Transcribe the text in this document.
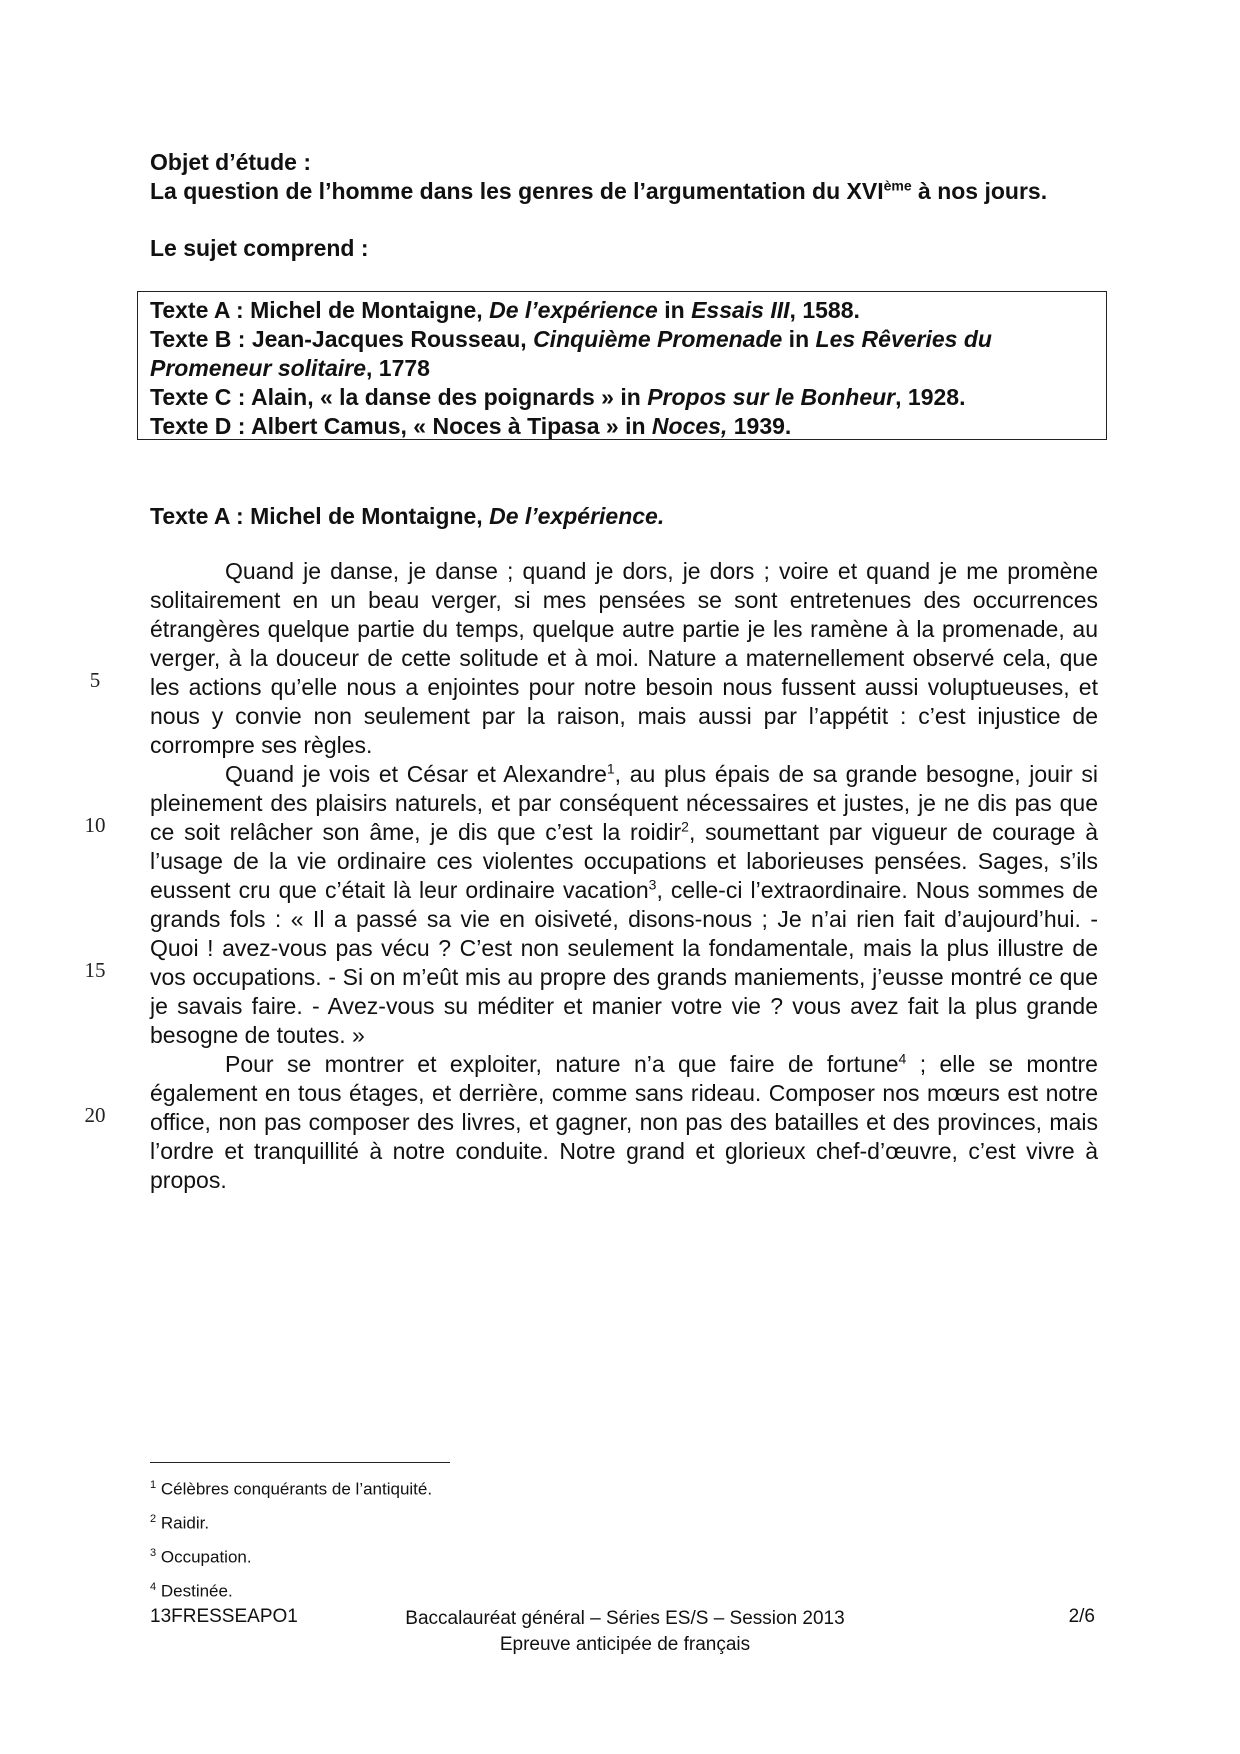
Objet d’étude :
La question de l’homme dans les genres de l’argumentation du XVIème à nos jours.
Le sujet comprend :
Texte A : Michel de Montaigne, De l’expérience in Essais III, 1588.
Texte B : Jean-Jacques Rousseau, Cinquième Promenade in Les Rêveries du Promeneur solitaire, 1778
Texte C : Alain, « la danse des poignards » in Propos sur le Bonheur, 1928.
Texte D : Albert Camus, « Noces à Tipasa » in Noces, 1939.
Texte A : Michel de Montaigne, De l’expérience.

Quand je danse, je danse ; quand je dors, je dors ; voire et quand je me promène solitairement en un beau verger, si mes pensées se sont entretenues des occurrences étrangères quelque partie du temps, quelque autre partie je les ramène à la promenade, au verger, à la douceur de cette solitude et à moi. Nature a maternellement observé cela, que les actions qu’elle nous a enjointes pour notre besoin nous fussent aussi voluptueuses, et nous y convie non seulement par la raison, mais aussi par l’appétit : c’est injustice de corrompre ses règles.

Quand je vois et César et Alexandre$^1$, au plus épais de sa grande besogne, jouir si pleinement des plaisirs naturels, et par conséquent nécessaires et justes, je ne dis pas que ce soit relâcher son âme, je dis que c’est la roidir$^2$, soumettant par vigueur de courage à l’usage de la vie ordinaire ces violentes occupations et laborieuses pensées. Sages, s’ils eussent cru que c’était là leur ordinaire vacation$^3$, celle-ci l’extraordinaire. Nous sommes de grands fols : « Il a passé sa vie en oisiveté, disons-nous ; Je n’ai rien fait d’aujourd’hui. - Quoi ! avez-vous pas vécu ? C’est non seulement la fondamentale, mais la plus illustre de vos occupations. - Si on m’eût mis au propre des grands maniements, j’eusse montré ce que je savais faire. - Avez-vous su méditer et manier votre vie ? vous avez fait la plus grande besogne de toutes. »

Pour se montrer et exploiter, nature n’a que faire de fortune$^4$ ; elle se montre également en tous étages, et derrière, comme sans rideau. Composer nos mœurs est notre office, non pas composer des livres, et gagner, non pas des batailles et des provinces, mais l’ordre et tranquillité à notre conduite. Notre grand et glorieux chef-d’œuvre, c’est vivre à propos.

5
10
15
20
$^1$ Célèbres conquérants de l’antiquité.
$^2$ Raidir.
$^3$ Occupation.
$^4$ Destinée.
13FRESSEAPO1	Baccalauréat général – Séries ES/S – Session 2013
Epreuve anticipée de français
2/6
